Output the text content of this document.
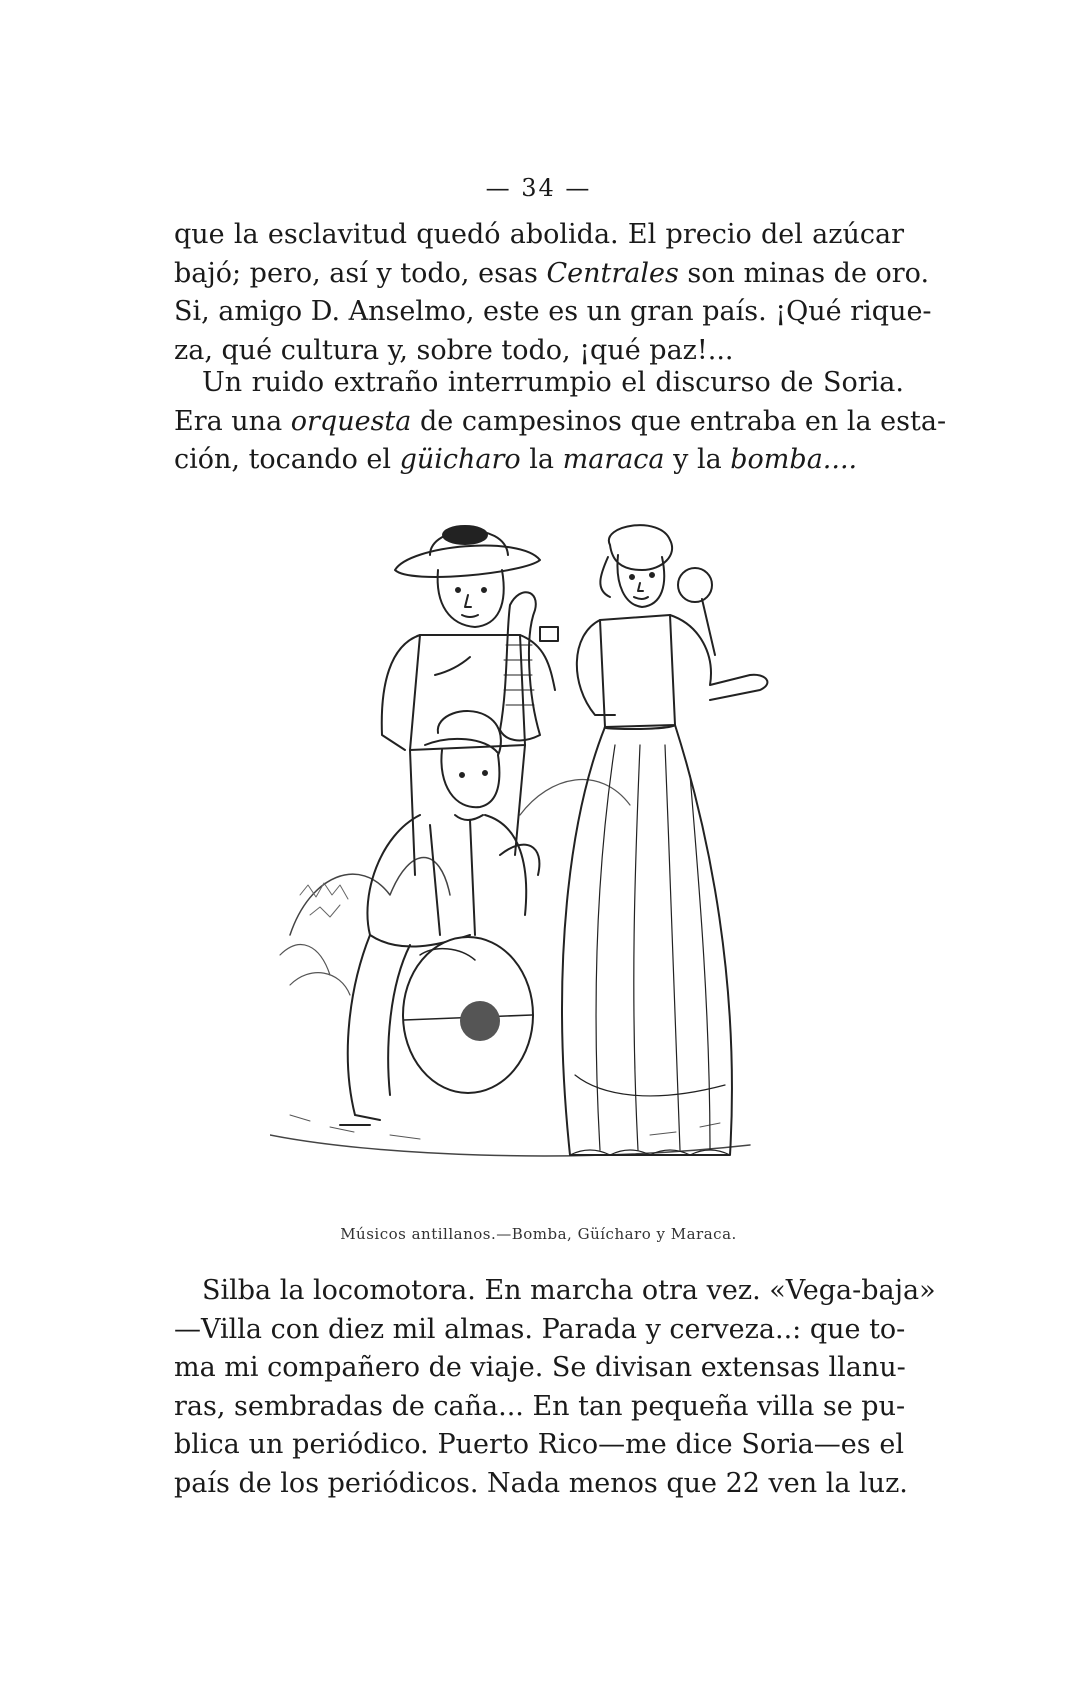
— 34 —
que la esclavitud quedó abolida. El precio del azúcar
bajó; pero, así y todo, esas Centrales son minas de oro.
Si, amigo D. Anselmo, este es un gran país. ¡Qué rique-
za, qué cultura y, sobre todo, ¡qué paz!...
Un ruido extraño interrumpio el discurso de Soria.
Era una orquesta de campesinos que entraba en la esta-
ción, tocando el güicharo la maraca y la bomba....
Músicos antillanos.—Bomba, Güícharo y Maraca.
Silba la locomotora. En marcha otra vez. «Vega-baja»
—Villa con diez mil almas. Parada y cerveza..: que to-
ma mi compañero de viaje. Se divisan extensas llanu-
ras, sembradas de caña... En tan pequeña villa se pu-
blica un periódico. Puerto Rico—me dice Soria—es el
país de los periódicos. Nada menos que 22 ven la luz.
